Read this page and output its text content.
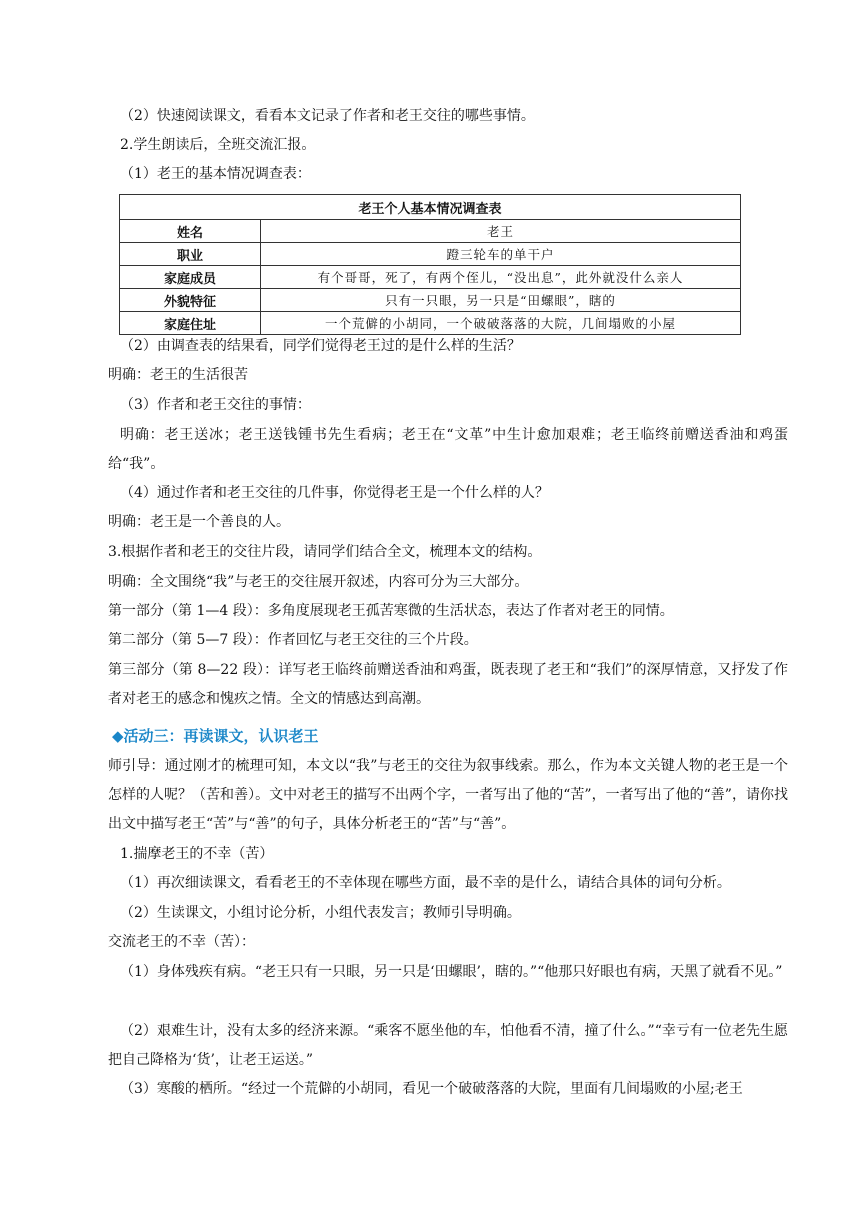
（2）快速阅读课文，看看本文记录了作者和老王交往的哪些事情。

2.学生朗读后，全班交流汇报。

（1）老王的基本情况调查表：

老王个人基本情况调查表	
姓名	老王
职业	蹬三轮车的单干户
家庭成员	有个哥哥，死了，有两个侄儿，“没出息”，此外就没什么亲人
外貌特征	只有一只眼，另一只是“田螺眼”，瞎的
家庭住址	一个荒僻的小胡同，一个破破落落的大院，几间塌败的小屋

（2）由调查表的结果看，同学们觉得老王过的是什么样的生活？

明确：老王的生活很苦

（3）作者和老王交往的事情：

明确：老王送冰；老王送钱锺书先生看病；老王在“文革”中生计愈加艰难；老王临终前赠送香油和鸡蛋给“我”。

（4）通过作者和老王交往的几件事，你觉得老王是一个什么样的人？

明确：老王是一个善良的人。

3.根据作者和老王的交往片段，请同学们结合全文，梳理本文的结构。

明确：全文围绕“我”与老王的交往展开叙述，内容可分为三大部分。

第一部分（第 1—4 段）：多角度展现老王孤苦寒微的生活状态，表达了作者对老王的同情。

第二部分（第 5—7 段）：作者回忆与老王交往的三个片段。

第三部分（第 8—22 段）：详写老王临终前赠送香油和鸡蛋，既表现了老王和“我们”的深厚情意，又抒发了作者对老王的感念和愧疚之情。全文的情感达到高潮。

◆活动三：再读课文，认识老王

师引导：通过刚才的梳理可知，本文以“我”与老王的交往为叙事线索。那么，作为本文关键人物的老王是一个怎样的人呢？（苦和善）。文中对老王的描写不出两个字，一者写出了他的“苦”，一者写出了他的“善”，请你找出文中描写老王“苦”与“善”的句子，具体分析老王的“苦”与“善”。

1.揣摩老王的不幸（苦）

（1）再次细读课文，看看老王的不幸体现在哪些方面，最不幸的是什么，请结合具体的词句分析。

（2）生读课文，小组讨论分析，小组代表发言；教师引导明确。

交流老王的不幸（苦）：

（1）身体残疾有病。“老王只有一只眼，另一只是‘田螺眼’，瞎的。”“他那只好眼也有病，天黑了就看不见。”

（2）艰难生计，没有太多的经济来源。“乘客不愿坐他的车，怕他看不清，撞了什么。”“幸亏有一位老先生愿把自己降格为‘货’，让老王运送。”

（3）寒酸的栖所。“经过一个荒僻的小胡同，看见一个破破落落的大院，里面有几间塌败的小屋;老王
